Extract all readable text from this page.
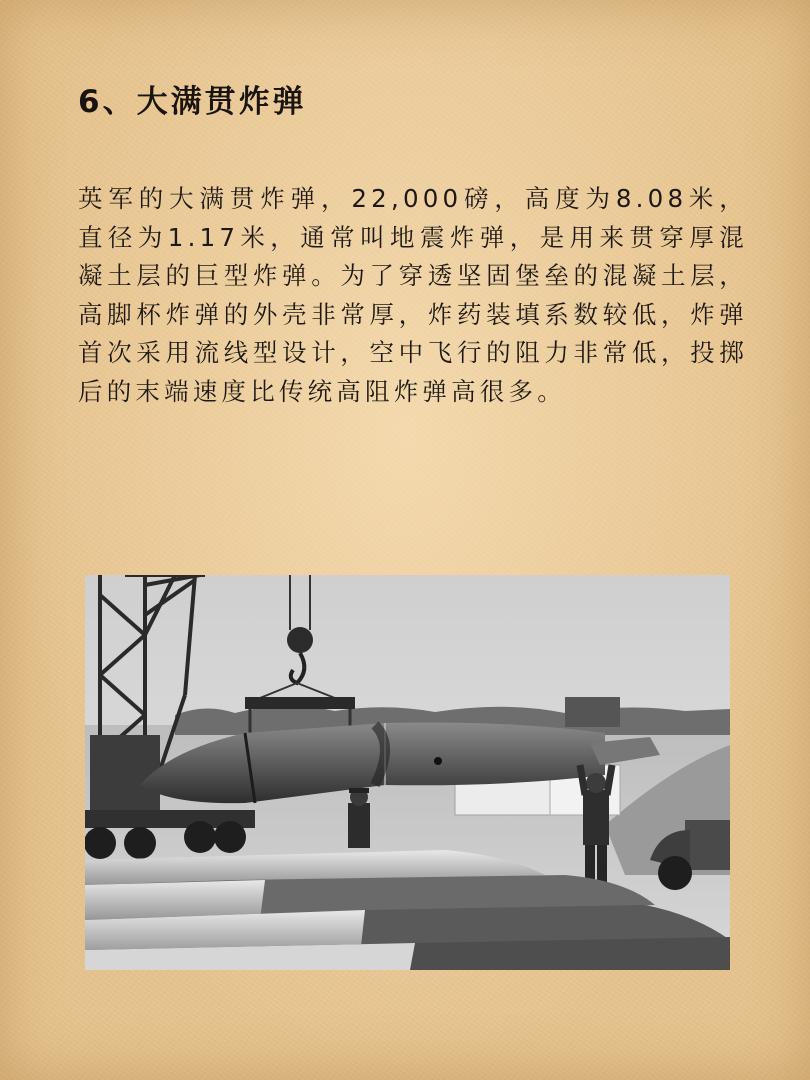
6、大满贯炸弹

英军的大满贯炸弹，22,000磅，高度为8.08米，直径为1.17米，通常叫地震炸弹，是用来贯穿厚混凝土层的巨型炸弹。为了穿透坚固堡垒的混凝土层，高脚杯炸弹的外壳非常厚，炸药装填系数较低，炸弹首次采用流线型设计，空中飞行的阻力非常低，投掷后的末端速度比传统高阻炸弹高很多。
